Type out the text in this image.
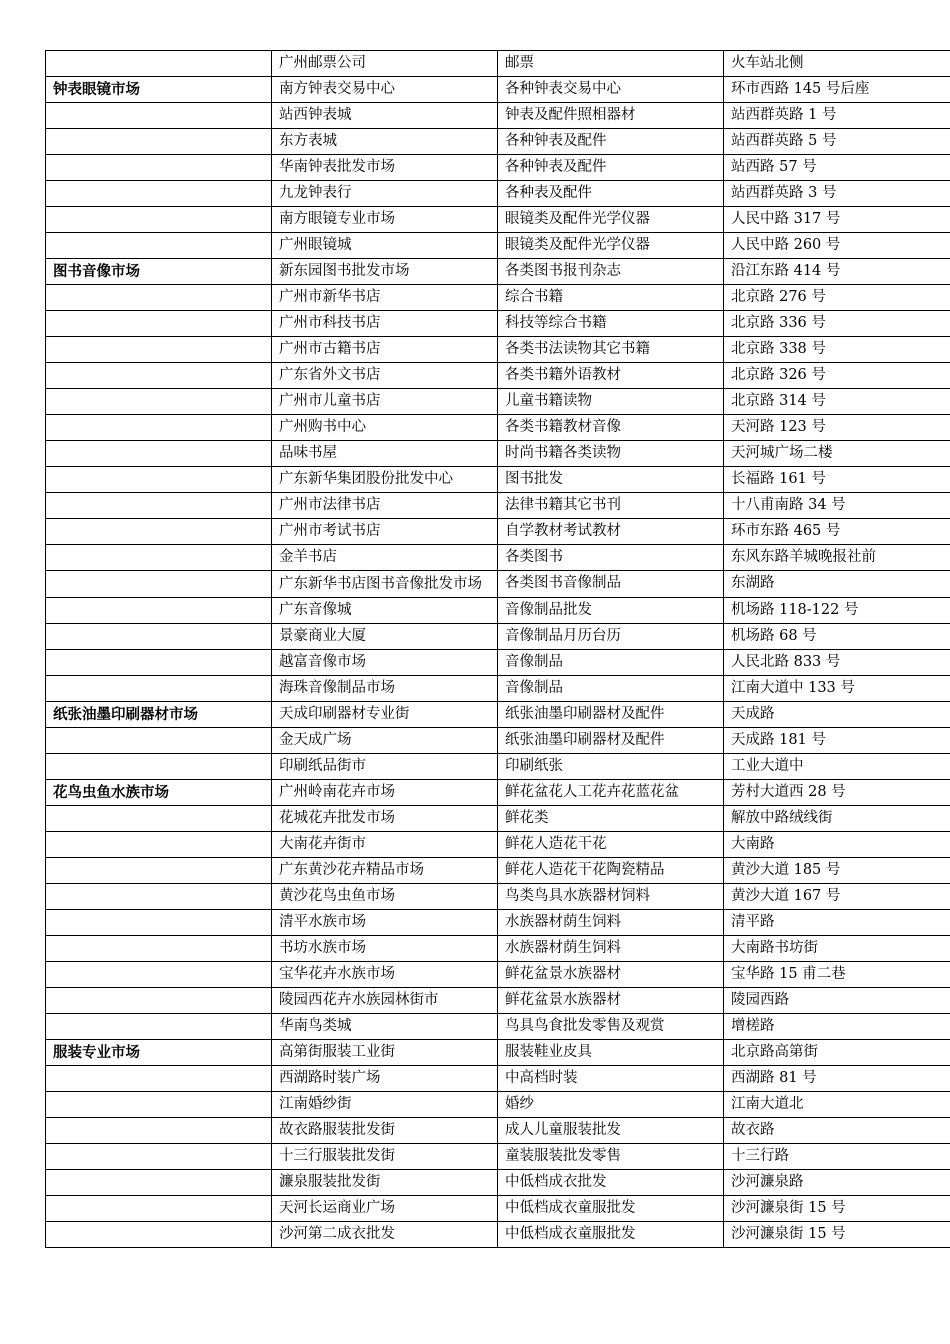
	广州邮票公司	邮票	火车站北侧
钟表眼镜市场	南方钟表交易中心	各种钟表交易中心	环市西路 145 号后座
	站西钟表城	钟表及配件照相器材	站西群英路 1 号
	东方表城	各种钟表及配件	站西群英路 5 号
	华南钟表批发市场	各种钟表及配件	站西路 57 号
	九龙钟表行	各种表及配件	站西群英路 3 号
	南方眼镜专业市场	眼镜类及配件光学仪器	人民中路 317 号
	广州眼镜城	眼镜类及配件光学仪器	人民中路 260 号
图书音像市场	新东园图书批发市场	各类图书报刊杂志	沿江东路 414 号
	广州市新华书店	综合书籍	北京路 276 号
	广州市科技书店	科技等综合书籍	北京路 336 号
	广州市古籍书店	各类书法读物其它书籍	北京路 338 号
	广东省外文书店	各类书籍外语教材	北京路 326 号
	广州市儿童书店	儿童书籍读物	北京路 314 号
	广州购书中心	各类书籍教材音像	天河路 123 号
	品味书屋	时尚书籍各类读物	天河城广场二楼
	广东新华集团股份批发中心	图书批发	长福路 161 号
	广州市法律书店	法律书籍其它书刊	十八甫南路 34 号
	广州市考试书店	自学教材考试教材	环市东路 465 号
	金羊书店	各类图书	东风东路羊城晚报社前
	广东新华书店图书音像批发市场	各类图书音像制品	东湖路
	广东音像城	音像制品批发	机场路 118-122 号
	景豪商业大厦	音像制品月历台历	机场路 68 号
	越富音像市场	音像制品	人民北路 833 号
	海珠音像制品市场	音像制品	江南大道中 133 号
纸张油墨印刷器材市场	天成印刷器材专业街	纸张油墨印刷器材及配件	天成路
	金天成广场	纸张油墨印刷器材及配件	天成路 181 号
	印刷纸品街市	印刷纸张	工业大道中
花鸟虫鱼水族市场	广州岭南花卉市场	鲜花盆花人工花卉花蓝花盆	芳村大道西 28 号
	花城花卉批发市场	鲜花类	解放中路绒线街
	大南花卉街市	鲜花人造花干花	大南路
	广东黄沙花卉精品市场	鲜花人造花干花陶瓷精品	黄沙大道 185 号
	黄沙花鸟虫鱼市场	鸟类鸟具水族器材饲料	黄沙大道 167 号
	清平水族市场	水族器材荫生饲料	清平路
	书坊水族市场	水族器材荫生饲料	大南路书坊街
	宝华花卉水族市场	鲜花盆景水族器材	宝华路 15 甫二巷
	陵园西花卉水族园林街市	鲜花盆景水族器材	陵园西路
	华南鸟类城	鸟具鸟食批发零售及观赏	增槎路
服装专业市场	高第街服装工业街	服装鞋业皮具	北京路高第街
	西湖路时装广场	中高档时装	西湖路 81 号
	江南婚纱街	婚纱	江南大道北
	故衣路服装批发街	成人儿童服装批发	故衣路
	十三行服装批发街	童装服装批发零售	十三行路
	濂泉服装批发街	中低档成衣批发	沙河濂泉路
	天河长运商业广场	中低档成衣童服批发	沙河濂泉街 15 号
	沙河第二成衣批发	中低档成衣童服批发	沙河濂泉街 15 号
